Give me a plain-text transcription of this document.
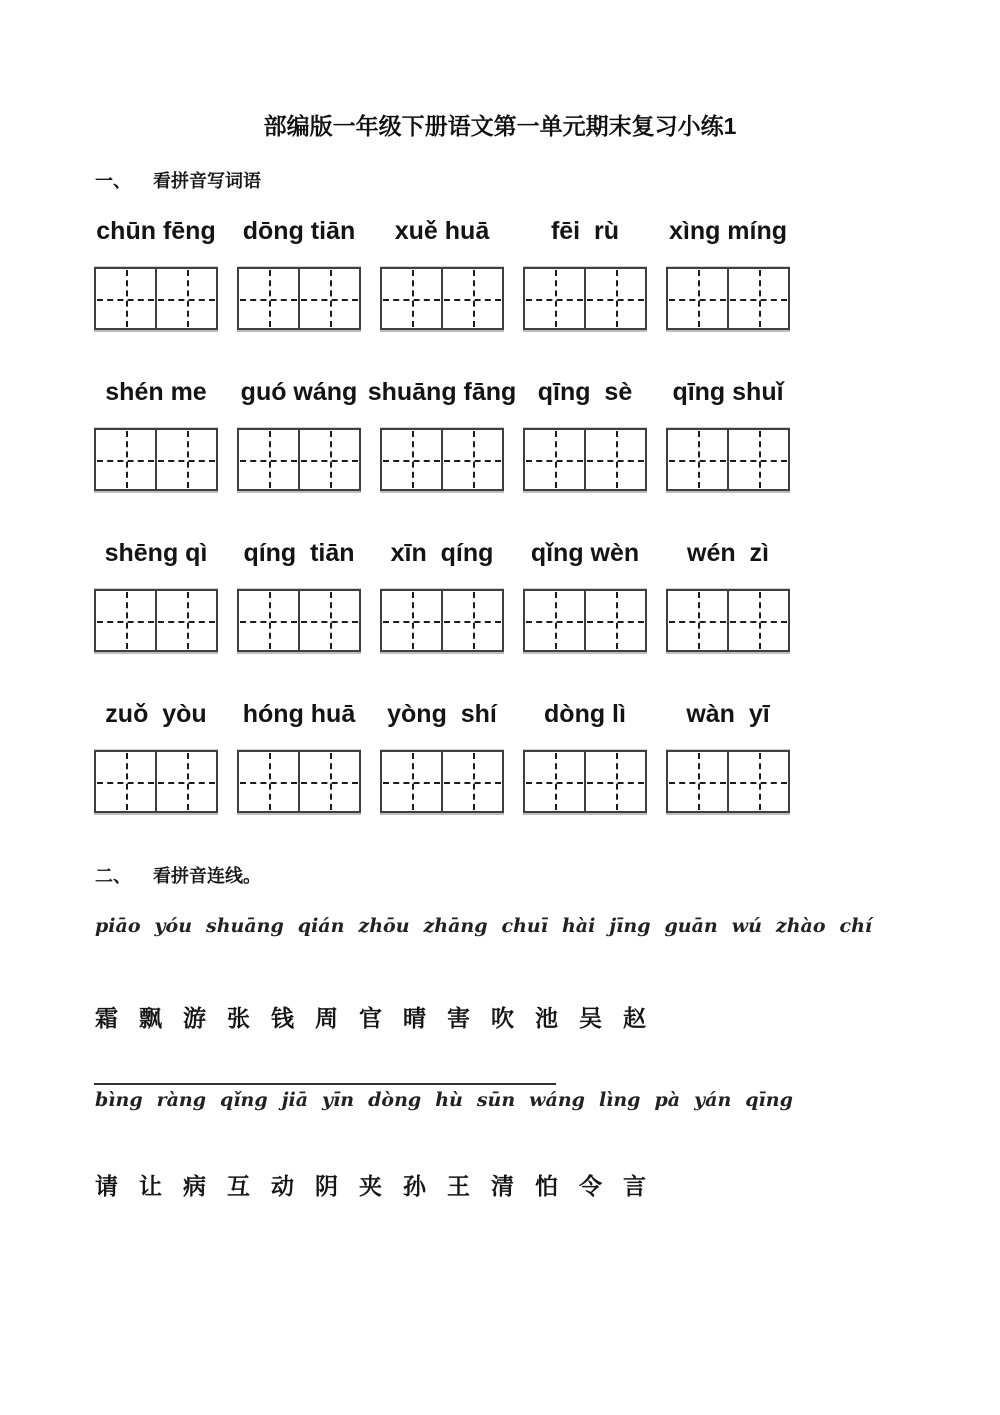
部编版一年级下册语文第一单元期末复习小练1
一、 看拼音写词语
chūn fēng dōng tiān xuě huā fēi  rù xìng míng
shén me guó wáng shuāng fāng qīng  sè qīng shuǐ
shēng qì qíng  tiān xīn  qíng qǐng wèn wén  zì
zuǒ  yòu hóng huā yòng  shí dòng lì wàn  yī
二、 看拼音连线。
piāo yóu shuāng qián zhōu zhāng chuī hài jīng guān wú zhào chí
霜 飘 游 张 钱 周 官 晴 害 吹 池 吴 赵
bìng ràng qǐng jiā yīn dòng hù sūn wáng lìng pà yán qīng
请 让 病 互 动 阴 夹 孙 王 清 怕 令 言
